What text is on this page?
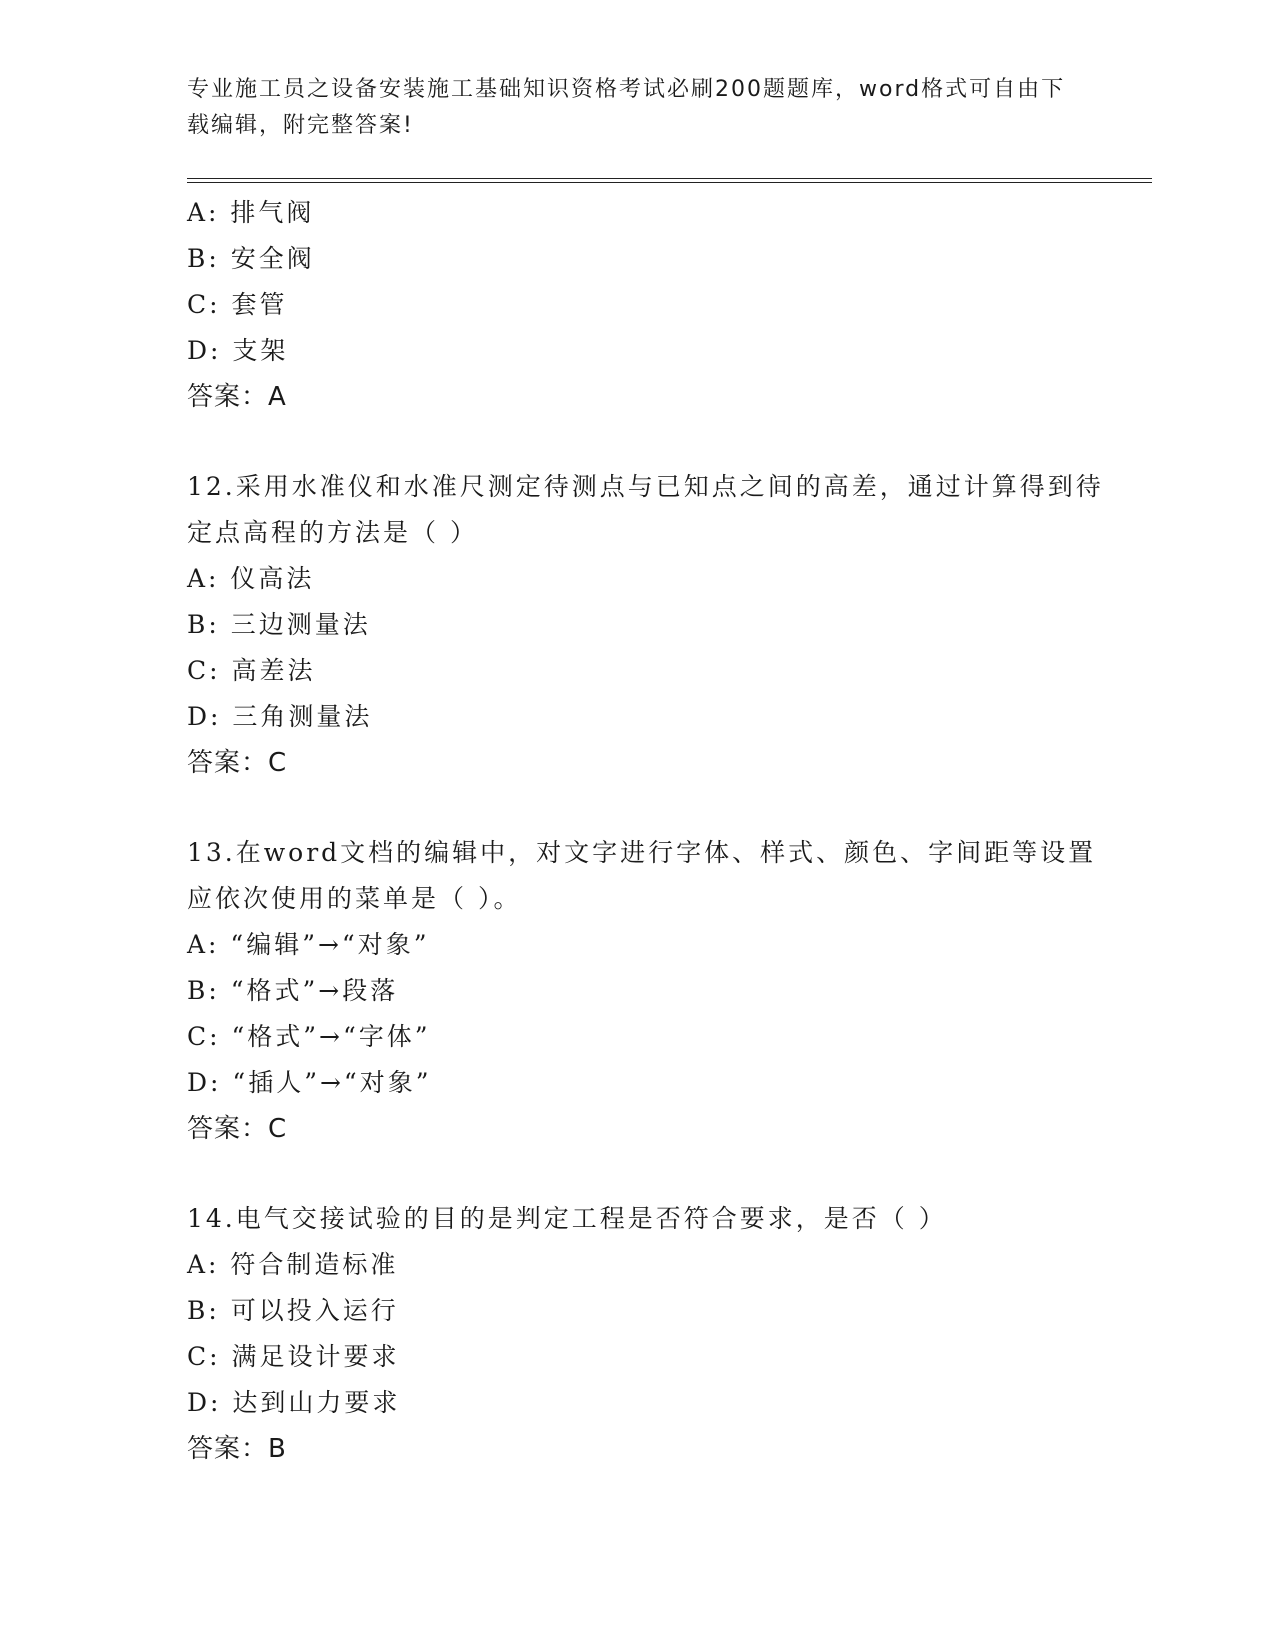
专业施工员之设备安装施工基础知识资格考试必刷200题题库，word格式可自由下载编辑，附完整答案!
A: 排气阀
B: 安全阀
C: 套管
D: 支架
答案：A
12.采用水准仪和水准尺测定待测点与已知点之间的高差，通过计算得到待定点高程的方法是（ ）
A: 仪高法
B: 三边测量法
C: 高差法
D: 三角测量法
答案：C
13.在word文档的编辑中，对文字进行字体、样式、颜色、字间距等设置应依次使用的菜单是（ ）。
A: “编辑”→“对象”
B: “格式”→段落
C: “格式”→“字体”
D: “插人”→“对象”
答案：C
14.电气交接试验的目的是判定工程是否符合要求，是否（ ）
A: 符合制造标准
B: 可以投入运行
C: 满足设计要求
D: 达到山力要求
答案：B
